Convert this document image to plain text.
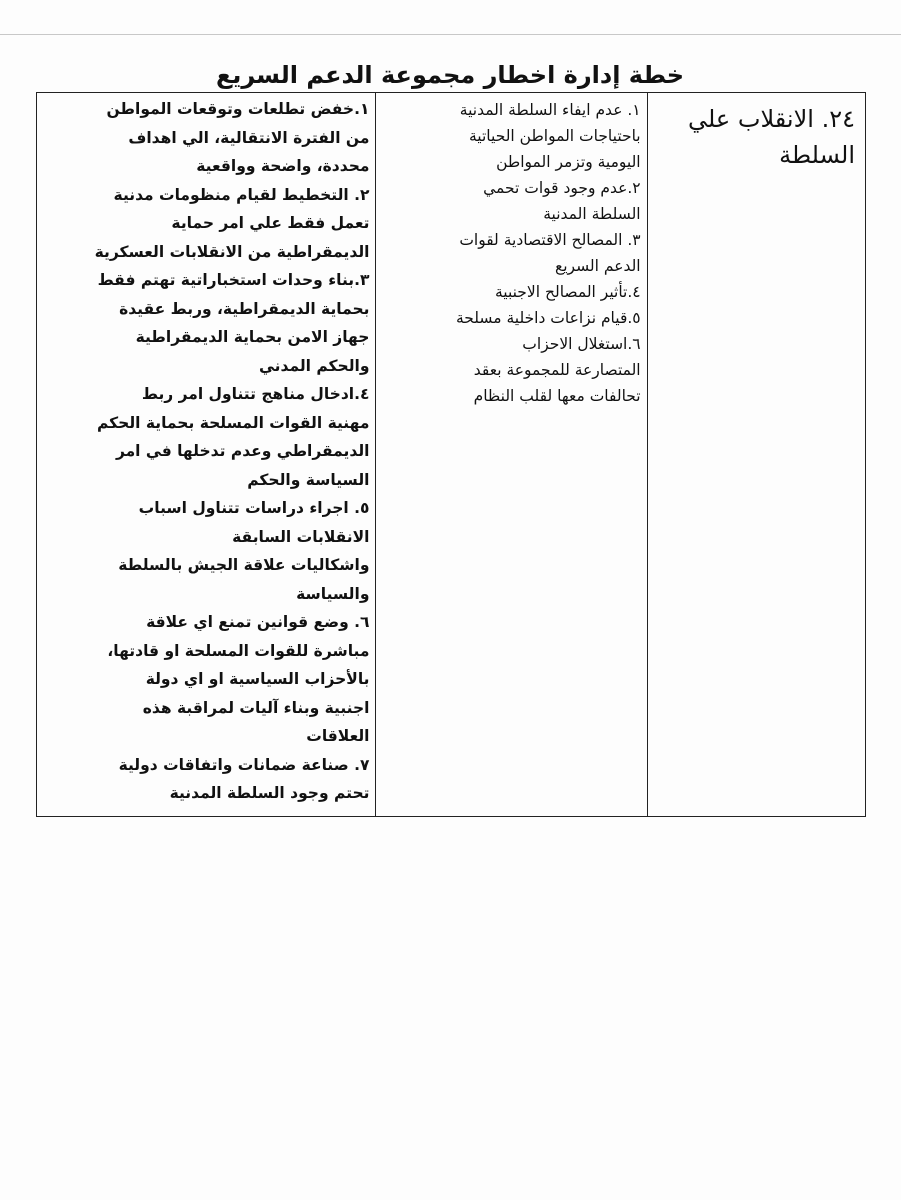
خطة إدارة اخطار مجموعة الدعم السريع
٢٤. الانقلاب علي
السلطة

١. عدم ايفاء السلطة المدنية
باحتياجات المواطن الحياتية
اليومية وتزمر المواطن
٢.عدم وجود قوات تحمي
السلطة المدنية
٣. المصالح الاقتصادية لقوات
الدعم السريع
٤.تأثير المصالح الاجنبية
٥.قيام نزاعات داخلية مسلحة
٦.استغلال الاحزاب
المتصارعة للمجموعة بعقد
تحالفات معها لقلب النظام

١.خفض تطلعات وتوقعات المواطن
من الفترة الانتقالية، الي اهداف
محددة، واضحة وواقعية
٢. التخطيط لقيام منظومات مدنية
تعمل فقط علي امر حماية
الديمقراطية من الانقلابات العسكرية
٣.بناء وحدات استخباراتية تهتم فقط
بحماية الديمقراطية، وربط عقيدة
جهاز الامن بحماية الديمقراطية
والحكم المدني
٤.ادخال مناهج تتناول امر ربط
مهنية القوات المسلحة بحماية الحكم
الديمقراطي وعدم تدخلها في امر
السياسة والحكم
٥. اجراء دراسات تتناول اسباب
الانقلابات السابقة
واشكاليات علاقة الجيش بالسلطة
والسياسة
٦. وضع قوانين تمنع اي علاقة
مباشرة للقوات المسلحة او قادتها،
بالأحزاب السياسية او اي دولة
اجنبية وبناء آليات لمراقبة هذه
العلاقات
٧. صناعة ضمانات واتفاقات دولية
تحتم وجود السلطة المدنية
